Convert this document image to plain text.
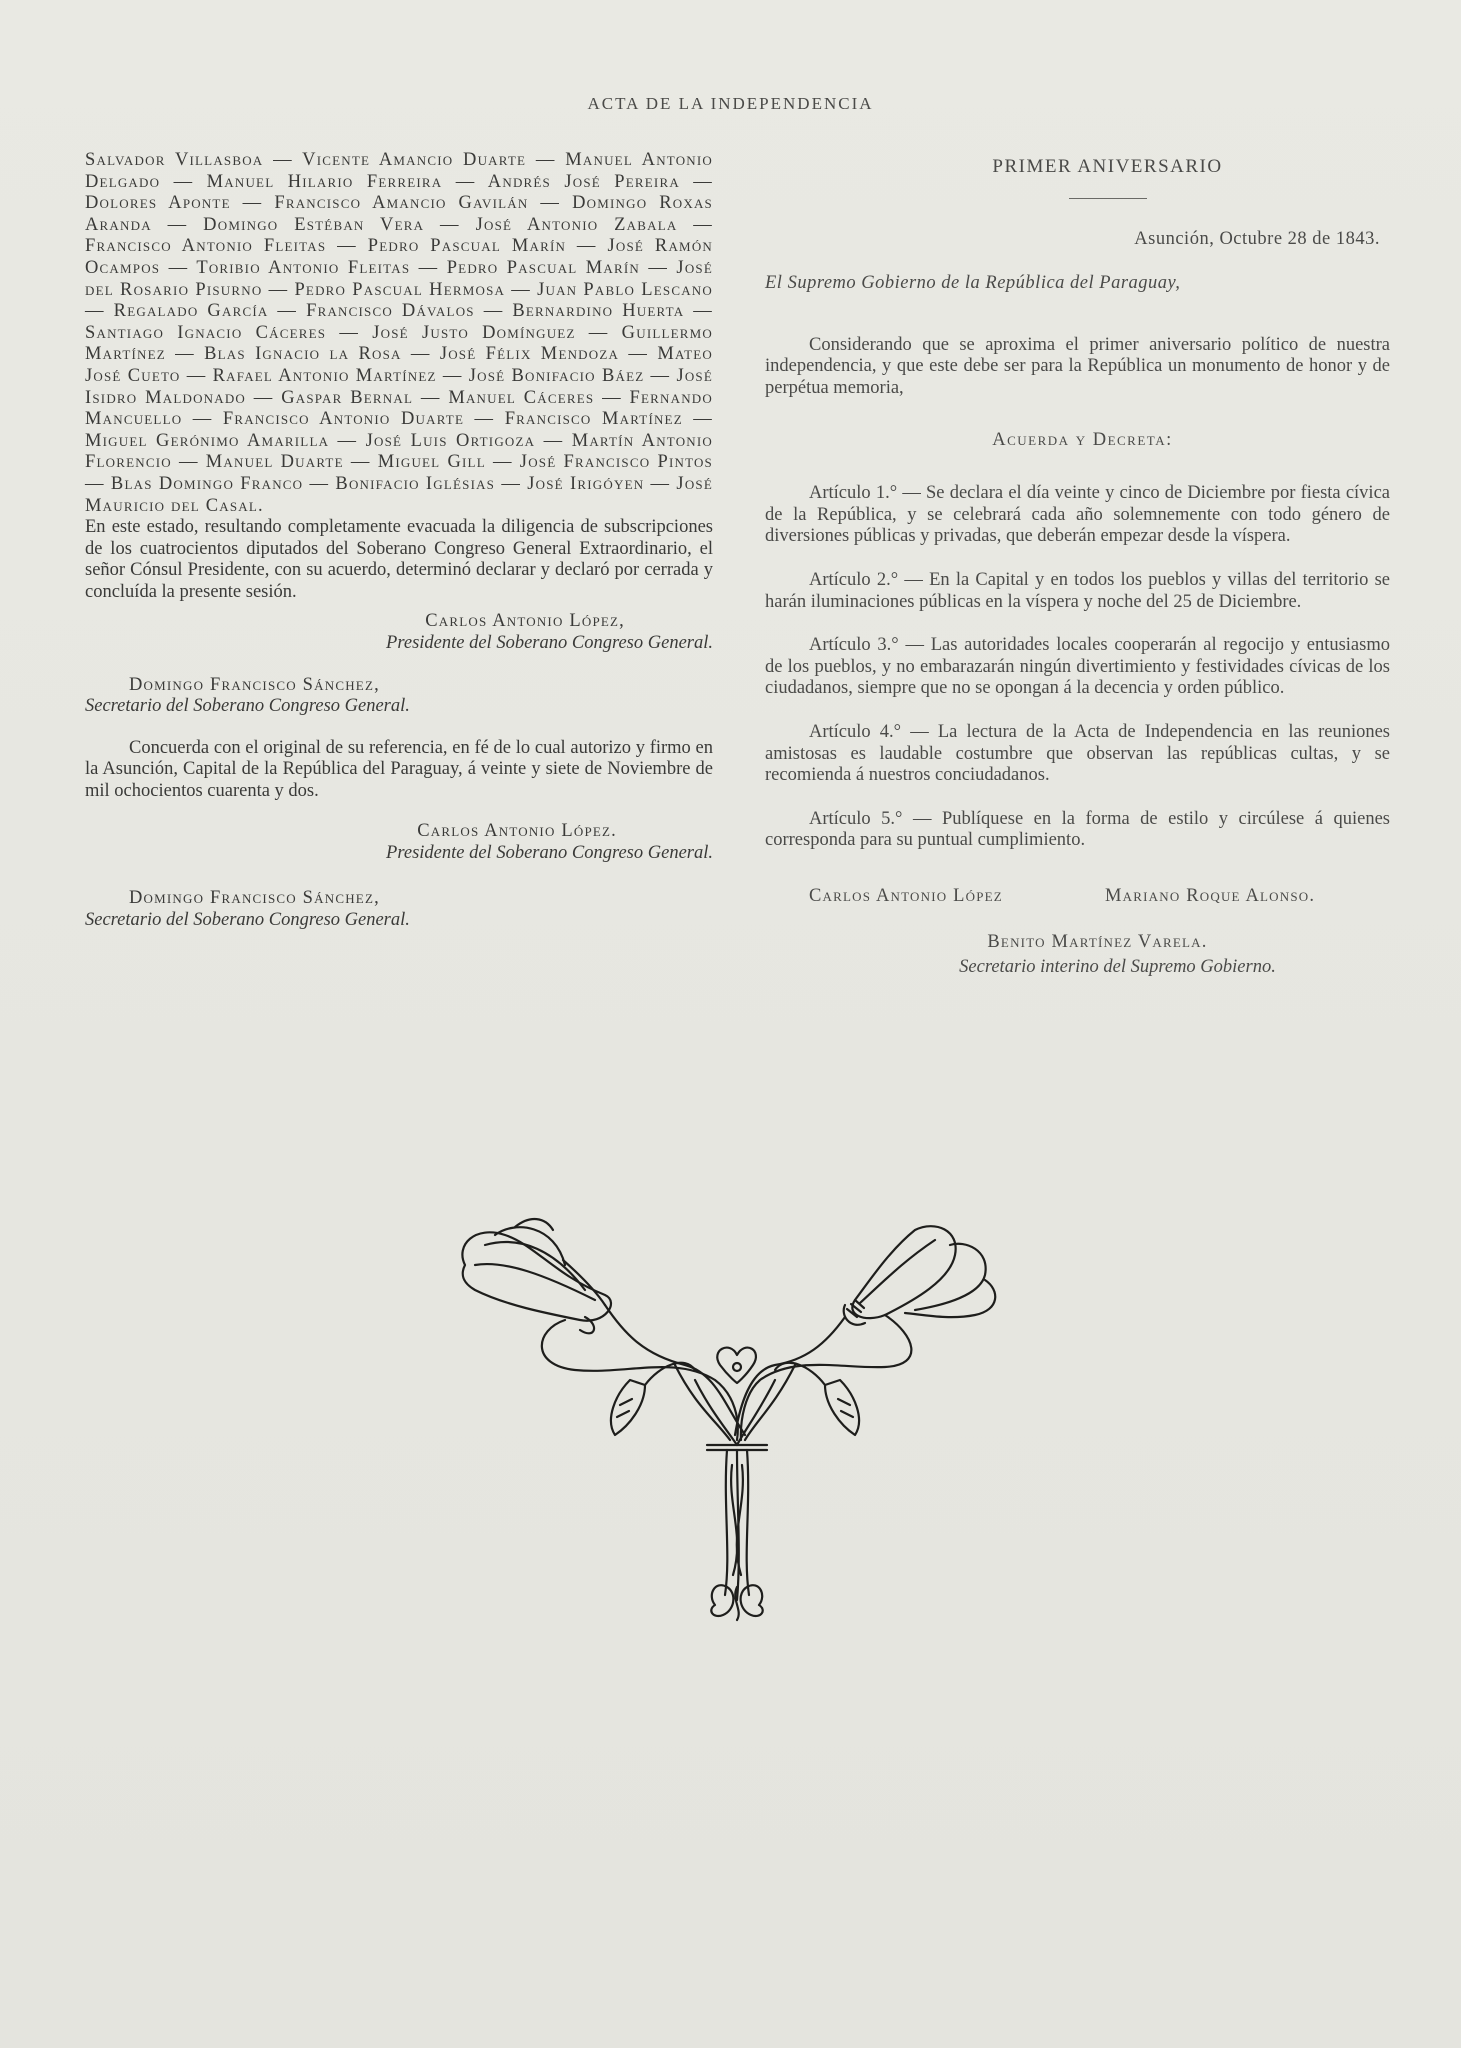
ACTA DE LA INDEPENDENCIA
Salvador Villasboa — Vicente Amancio Duarte — Manuel Antonio Delgado — Manuel Hilario Ferreira — Andrés José Pereira — Dolores Aponte — Francisco Amancio Gavilán — Domingo Roxas Aranda — Domingo Estéban Vera — José Antonio Zabala — Francisco Antonio Fleitas — Pedro Pascual Marín — José Ramón Ocampos — Toribio Antonio Fleitas — Pedro Pascual Marín — José del Rosario Pisurno — Pedro Pascual Hermosa — Juan Pablo Lescano — Regalado García — Francisco Dávalos — Bernardino Huerta — Santiago Ignacio Cáceres — José Justo Domínguez — Guillermo Martínez — Blas Ignacio la Rosa — José Félix Mendoza — Mateo José Cueto — Rafael Antonio Martínez — José Bonifacio Báez — José Isidro Maldonado — Gaspar Bernal — Manuel Cáceres — Fernando Mancuello — Francisco Antonio Duarte — Francisco Martínez — Miguel Gerónimo Amarilla — José Luis Ortigoza — Martín Antonio Florencio — Manuel Duarte — Miguel Gill — José Francisco Pintos — Blas Domingo Franco — Bonifacio Iglésias — José Irigóyen — José Mauricio del Casal.

En este estado, resultando completamente evacuada la diligencia de subscripciones de los cuatrocientos diputados del Soberano Congreso General Extraordinario, el señor Cónsul Presidente, con su acuerdo, determinó declarar y declaró por cerrada y concluída la presente sesión.

Carlos Antonio López,
Presidente del Soberano Congreso General.
Domingo Francisco Sánchez,
Secretario del Soberano Congreso General.

Concuerda con el original de su referencia, en fé de lo cual autorizo y firmo en la Asunción, Capital de la República del Paraguay, á veinte y siete de Noviembre de mil ochocientos cuarenta y dos.

Carlos Antonio López.
Presidente del Soberano Congreso General.
Domingo Francisco Sánchez,
Secretario del Soberano Congreso General.
PRIMER ANIVERSARIO
Asunción, Octubre 28 de 1843.
El Supremo Gobierno de la República del Paraguay,

Considerando que se aproxima el primer aniversario político de nuestra independencia, y que este debe ser para la República un monumento de honor y de perpétua memoria,

Acuerda y Decreta:

Artículo 1.° — Se declara el día veinte y cinco de Diciembre por fiesta cívica de la República, y se celebrará cada año solemnemente con todo género de diversiones públicas y privadas, que deberán empezar desde la víspera.

Artículo 2.° — En la Capital y en todos los pueblos y villas del territorio se harán iluminaciones públicas en la víspera y noche del 25 de Diciembre.

Artículo 3.° — Las autoridades locales cooperarán al regocijo y entusiasmo de los pueblos, y no embarazarán ningún divertimiento y festividades cívicas de los ciudadanos, siempre que no se opongan á la decencia y orden público.

Artículo 4.° — La lectura de la Acta de Independencia en las reuniones amistosas es laudable costumbre que observan las repúblicas cultas, y se recomienda á nuestros conciudadanos.

Artículo 5.° — Publíquese en la forma de estilo y circúlese á quienes corresponda para su puntual cumplimiento.

Carlos Antonio López	Mariano Roque Alonso.
Benito Martínez Varela.
Secretario interino del Supremo Gobierno.
